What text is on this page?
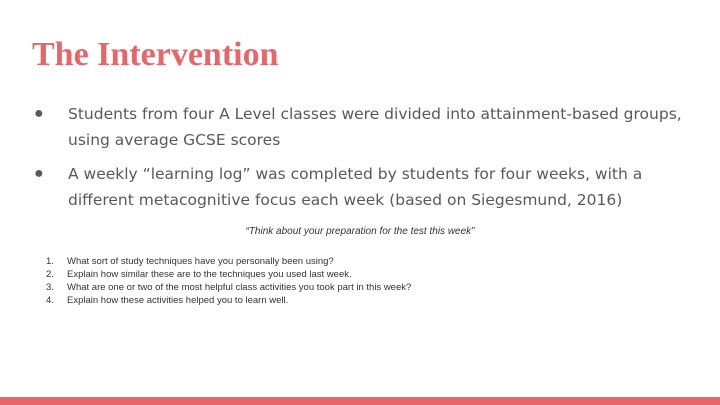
The Intervention
●	Students from four A Level classes were divided into attainment-based groups, using average GCSE scores
●	A weekly “learning log” was completed by students for four weeks, with a different metacognitive focus each week (based on Siegesmund, 2016)

“Think about your preparation for the test this week”

1.	What sort of study techniques have you personally been using?
2.	Explain how similar these are to the techniques you used last week.
3.	What are one or two of the most helpful class activities you took part in this week?
4.	Explain how these activities helped you to learn well.
